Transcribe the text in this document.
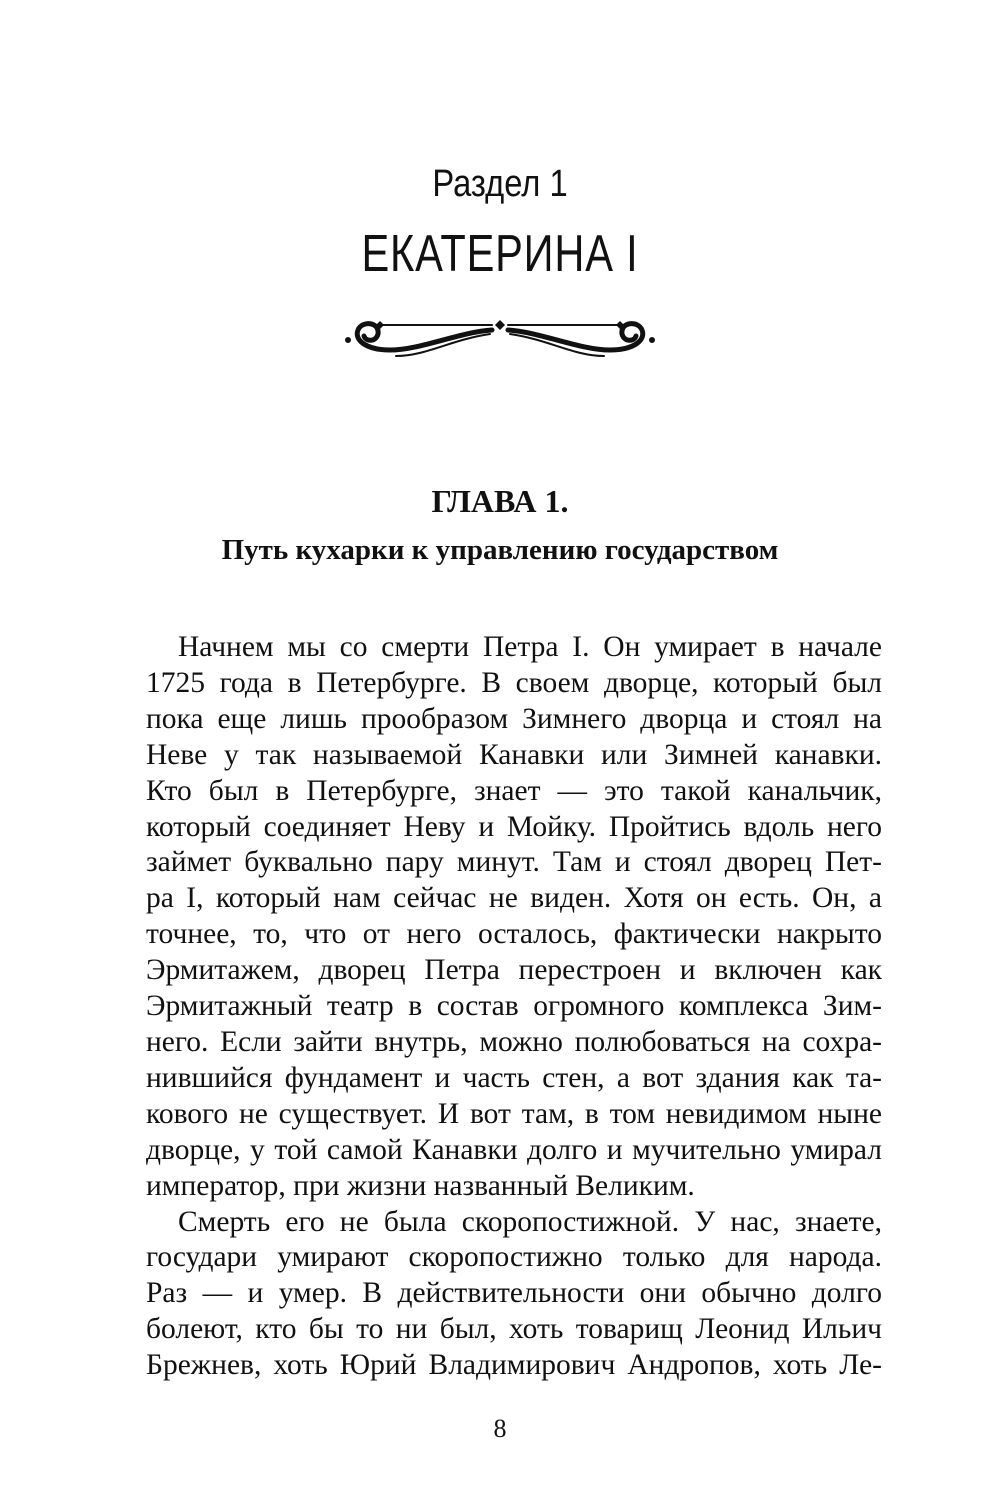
Раздел 1
ЕКАТЕРИНА I
ГЛАВА 1.
Путь кухарки к управлению государством
Начнем мы со смерти Петра I. Он умирает в начале
1725 года в Петербурге. В своем дворце, который был
пока еще лишь прообразом Зимнего дворца и стоял на
Неве у так называемой Канавки или Зимней канавки.
Кто был в Петербурге, знает — это такой канальчик,
который соединяет Неву и Мойку. Пройтись вдоль него
займет буквально пару минут. Там и стоял дворец Пет-
ра I, который нам сейчас не виден. Хотя он есть. Он, а
точнее, то, что от него осталось, фактически накрыто
Эрмитажем, дворец Петра перестроен и включен как
Эрмитажный театр в состав огромного комплекса Зим-
него. Если зайти внутрь, можно полюбоваться на сохра-
нившийся фундамент и часть стен, а вот здания как та-
кового не существует. И вот там, в том невидимом ныне
дворце, у той самой Канавки долго и мучительно умирал
император, при жизни названный Великим.
Смерть его не была скоропостижной. У нас, знаете,
государи умирают скоропостижно только для народа.
Раз — и умер. В действительности они обычно долго
болеют, кто бы то ни был, хоть товарищ Леонид Ильич
Брежнев, хоть Юрий Владимирович Андропов, хоть Ле-
8
